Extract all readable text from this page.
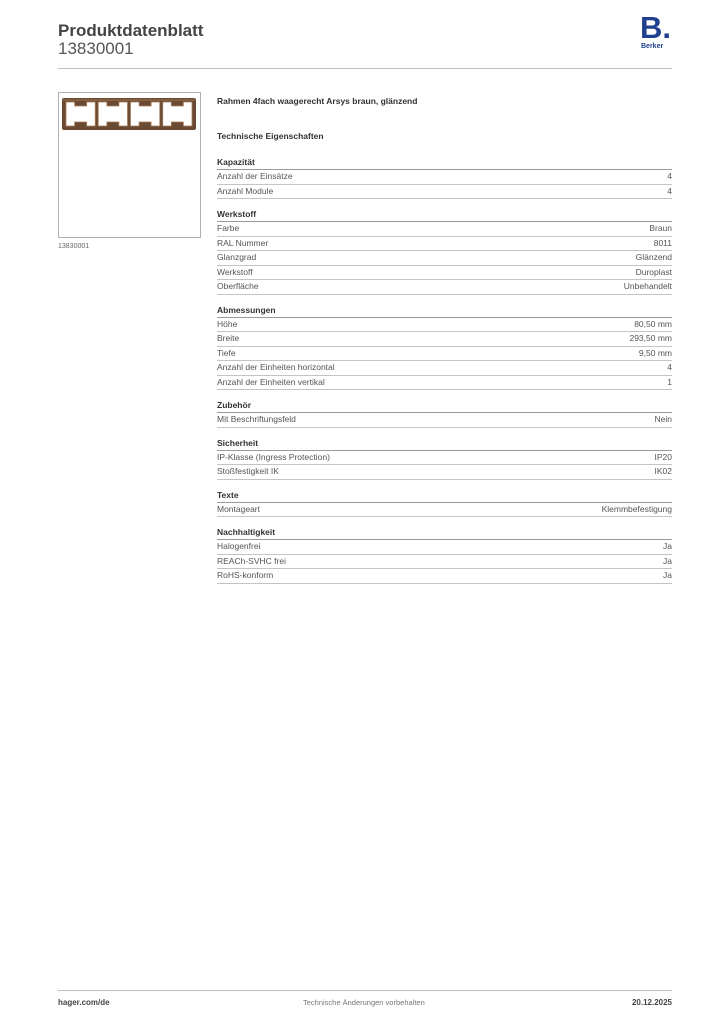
Produktdatenblatt
13830001
B.
Berker
13830001
Rahmen 4fach waagerecht Arsys braun, glänzend
Technische Eigenschaften
Kapazität
Anzahl der Einsätze	4
Anzahl Module	4
Werkstoff
Farbe	Braun
RAL Nummer	8011
Glanzgrad	Glänzend
Werkstoff	Duroplast
Oberfläche	Unbehandelt
Abmessungen
Höhe	80,50 mm
Breite	293,50 mm
Tiefe	9,50 mm
Anzahl der Einheiten horizontal	4
Anzahl der Einheiten vertikal	1
Zubehör
Mit Beschriftungsfeld	Nein
Sicherheit
IP-Klasse (Ingress Protection)	IP20
Stoßfestigkeit IK	IK02
Texte
Montageart	Klemmbefestigung
Nachhaltigkeit
Halogenfrei	Ja
REACh-SVHC frei	Ja
RoHS-konform	Ja
hager.com/de	Technische Änderungen vorbehalten	20.12.2025
